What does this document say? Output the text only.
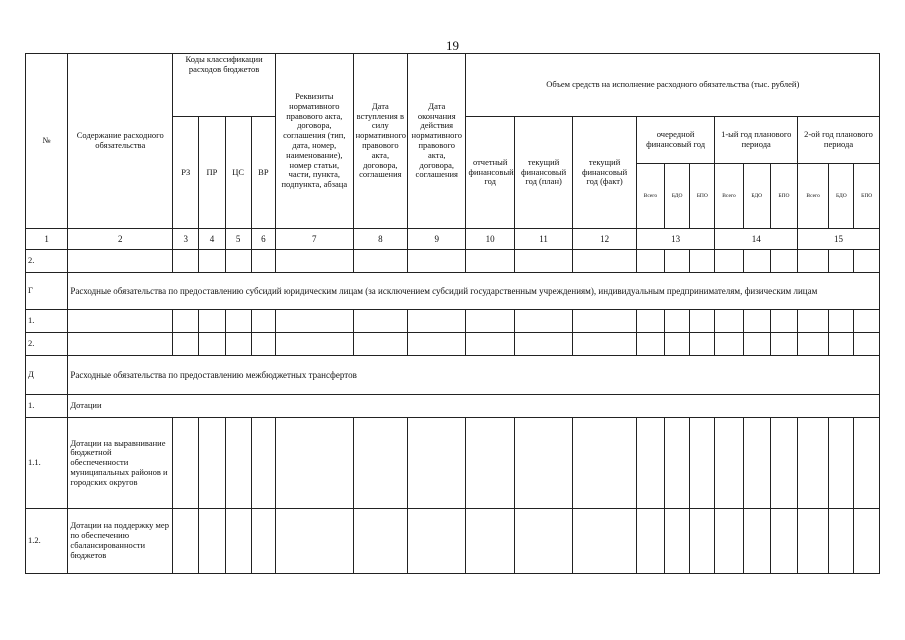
19
№	Содержание расходного обязательства	Коды классификации расходов бюджетов				Реквизиты нормативного правового акта, договора, соглашения (тип, дата, номер, наименование), номер статьи, части, пункта, подпункта, абзаца	Дата вступления в силу нормативного правового акта, договора, соглашения	Дата окончания действия нормативного правового акта, договора, соглашения	Объем средств на исполнение расходного обязательства (тыс. рублей)											
		РЗ	ПР	ЦС	ВР				отчетный финансовый год	текущий финансовый год (план)	текущий финансовый год (факт)	очередной финансовый год			1-ый год планового периода			2-ой год планового периода		
												Всего	БДО	БПО	Всего	БДО	БПО	Всего	БДО	БПО
1	2	3	4	5	6	7	8	9	10	11	12	13			14			15		
2.																				
Г	Расходные обязательства по предоставлению субсидий юридическим лицам (за исключением субсидий государственным учреждениям), индивидуальным предпринимателям, физическим лицам																			
1.																				
2.																				
Д	Расходные обязательства по предоставлению межбюджетных трансфертов																			
1.	Дотации																			
1.1.	Дотации на выравнивание бюджетной обеспеченности муниципальных районов и городских округов																			
1.2.	Дотации на поддержку мер по обеспечению сбалансированности бюджетов																			
